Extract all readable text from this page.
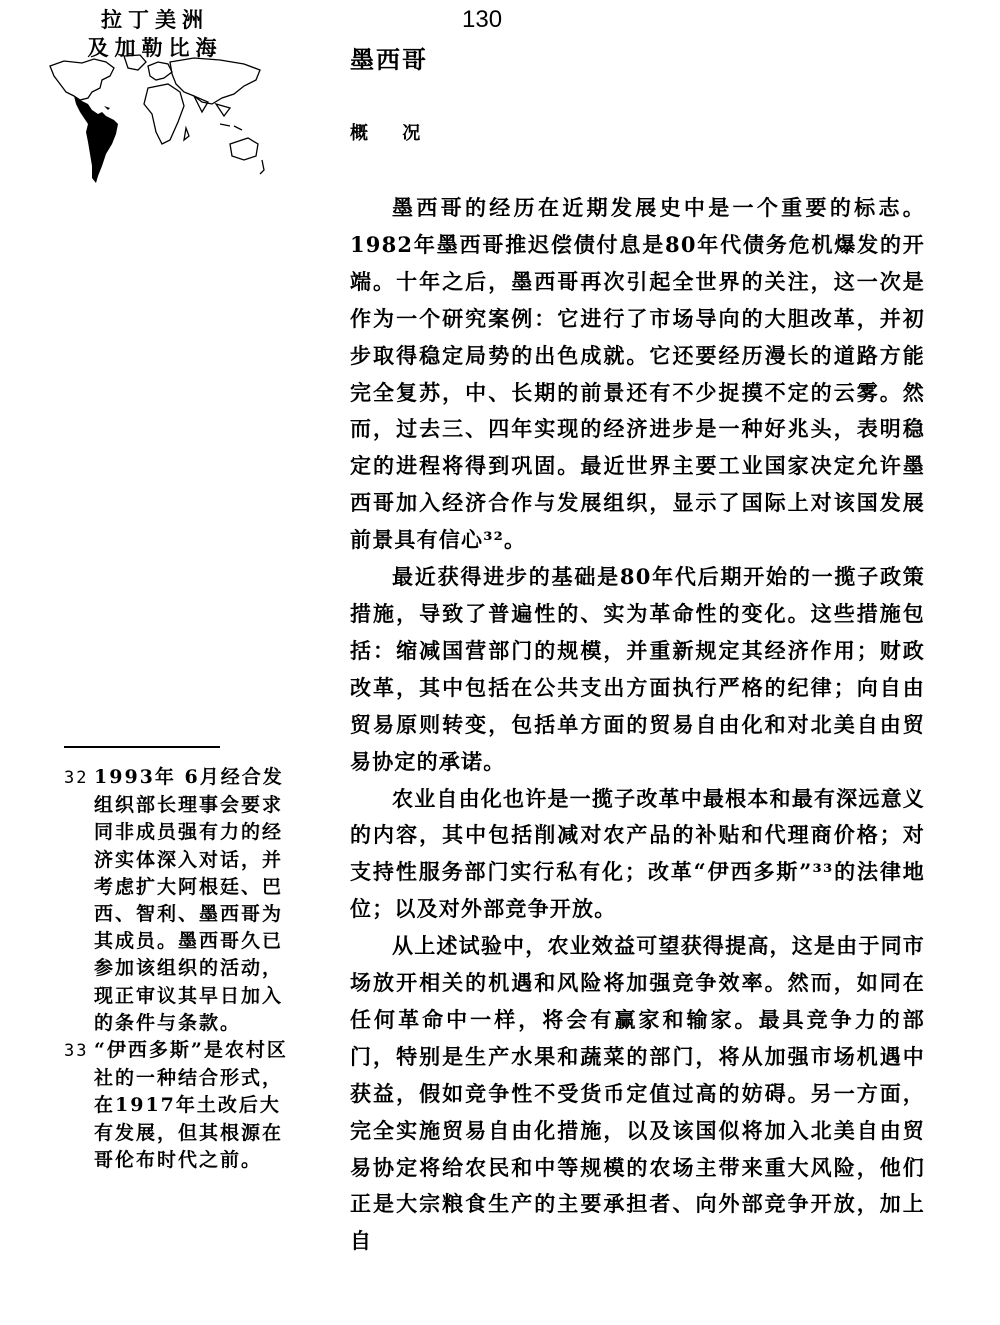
拉丁美洲
及加勒比海
130
墨西哥
概 况

墨西哥的经历在近期发展史中是一个重要的标志。1982年墨西哥推迟偿债付息是80年代债务危机爆发的开端。十年之后，墨西哥再次引起全世界的关注，这一次是作为一个研究案例：它进行了市场导向的大胆改革，并初步取得稳定局势的出色成就。它还要经历漫长的道路方能完全复苏，中、长期的前景还有不少捉摸不定的云雾。然而，过去三、四年实现的经济进步是一种好兆头，表明稳定的进程将得到巩固。最近世界主要工业国家决定允许墨西哥加入经济合作与发展组织，显示了国际上对该国发展前景具有信心³²。

最近获得进步的基础是80年代后期开始的一揽子政策措施，导致了普遍性的、实为革命性的变化。这些措施包括：缩减国营部门的规模，并重新规定其经济作用；财政改革，其中包括在公共支出方面执行严格的纪律；向自由贸易原则转变，包括单方面的贸易自由化和对北美自由贸易协定的承诺。

农业自由化也许是一揽子改革中最根本和最有深远意义的内容，其中包括削减对农产品的补贴和代理商价格；对支持性服务部门实行私有化；改革“伊西多斯”³³的法律地位；以及对外部竞争开放。

从上述试验中，农业效益可望获得提高，这是由于同市场放开相关的机遇和风险将加强竞争效率。然而，如同在任何革命中一样，将会有赢家和输家。最具竞争力的部门，特别是生产水果和蔬菜的部门，将从加强市场机遇中获益，假如竞争性不受货币定值过高的妨碍。另一方面，完全实施贸易自由化措施，以及该国似将加入北美自由贸易协定将给农民和中等规模的农场主带来重大风险，他们正是大宗粮食生产的主要承担者、向外部竞争开放，加上自

32 1993年 6月经合发组织部长理事会要求同非成员强有力的经济实体深入对话，并考虑扩大阿根廷、巴西、智利、墨西哥为其成员。墨西哥久已参加该组织的活动，现正审议其早日加入的条件与条款。

33 “伊西多斯”是农村区社的一种结合形式，在1917年土改后大有发展，但其根源在哥伦布时代之前。
